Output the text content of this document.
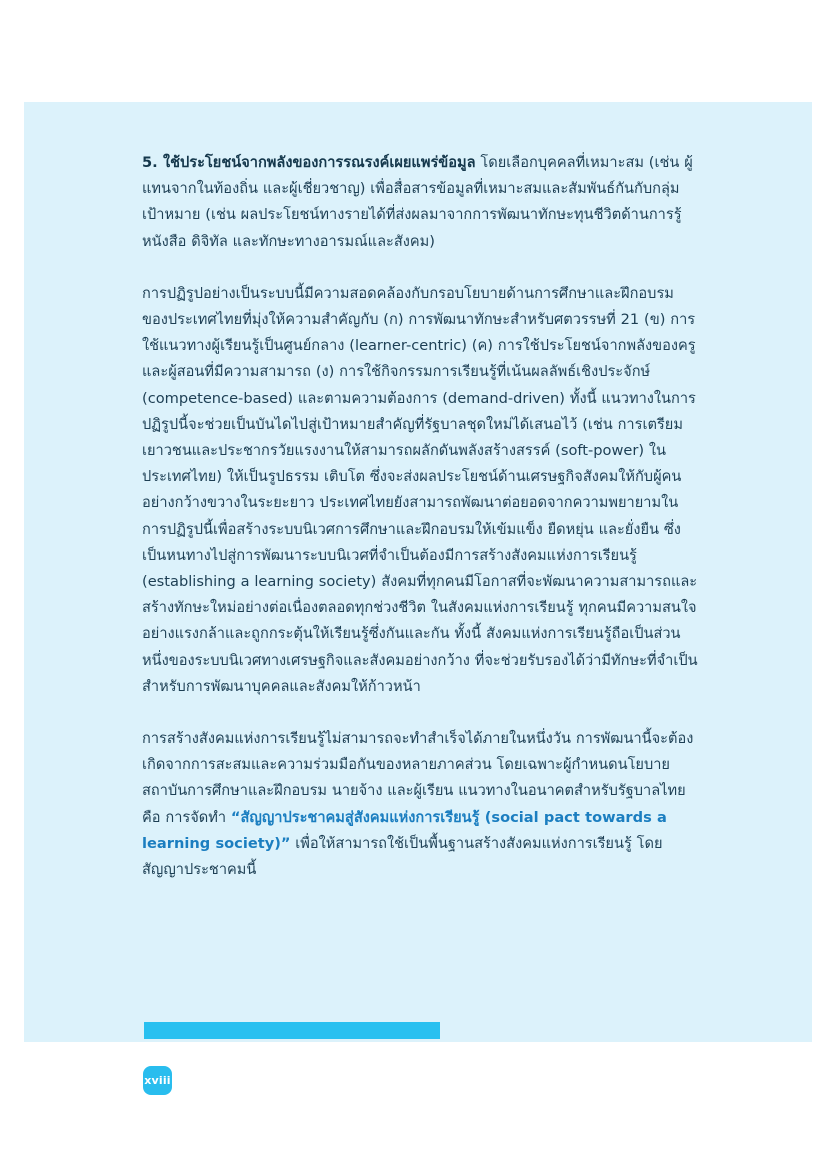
5. ใช้ประโยชน์จากพลังของการรณรงค์เผยแพร่ข้อมูล โดยเลือกบุคคลที่เหมาะสม (เช่น ผู้แทนจากในท้องถิ่น และผู้เชี่ยวชาญ) เพื่อสื่อสารข้อมูลที่เหมาะสมและสัมพันธ์กันกับกลุ่มเป้าหมาย (เช่น ผลประโยชน์ทางรายได้ที่ส่งผลมาจากการพัฒนาทักษะทุนชีวิตด้านการรู้หนังสือ ดิจิทัล และทักษะทางอารมณ์และสังคม)

การปฏิรูปอย่างเป็นระบบนี้มีความสอดคล้องกับกรอบโยบายด้านการศึกษาและฝึกอบรมของประเทศไทยที่มุ่งให้ความสำคัญกับ (ก) การพัฒนาทักษะสำหรับศตวรรษที่ 21 (ข) การใช้แนวทางผู้เรียนรู้เป็นศูนย์กลาง (learner-centric) (ค) การใช้ประโยชน์จากพลังของครูและผู้สอนที่มีความสามารถ (ง) การใช้กิจกรรมการเรียนรู้ที่เน้นผลลัพธ์เชิงประจักษ์ (competence-based) และตามความต้องการ (demand-driven) ทั้งนี้ แนวทางในการปฏิรูปนี้จะช่วยเป็นบันไดไปสู่เป้าหมายสำคัญที่รัฐบาลชุดใหม่ได้เสนอไว้ (เช่น การเตรียมเยาวชนและประชากรวัยแรงงานให้สามารถผลักดันพลังสร้างสรรค์ (soft-power) ในประเทศไทย) ให้เป็นรูปธรรม เติบโต ซึ่งจะส่งผลประโยชน์ด้านเศรษฐกิจสังคมให้กับผู้คนอย่างกว้างขวางในระยะยาว ประเทศไทยยังสามารถพัฒนาต่อยอดจากความพยายามในการปฏิรูปนี้เพื่อสร้างระบบนิเวศการศึกษาและฝึกอบรมให้เข้มแข็ง ยืดหยุ่น และยั่งยืน ซึ่งเป็นหนทางไปสู่การพัฒนาระบบนิเวศที่จำเป็นต้องมีการสร้างสังคมแห่งการเรียนรู้ (establishing a learning society) สังคมที่ทุกคนมีโอกาสที่จะพัฒนาความสามารถและสร้างทักษะใหม่อย่างต่อเนื่องตลอดทุกช่วงชีวิต ในสังคมแห่งการเรียนรู้ ทุกคนมีความสนใจอย่างแรงกล้าและถูกกระตุ้นให้เรียนรู้ซึ่งกันและกัน ทั้งนี้ สังคมแห่งการเรียนรู้ถือเป็นส่วนหนึ่งของระบบนิเวศทางเศรษฐกิจและสังคมอย่างกว้าง ที่จะช่วยรับรองได้ว่ามีทักษะที่จำเป็นสำหรับการพัฒนาบุคคลและสังคมให้ก้าวหน้า

การสร้างสังคมแห่งการเรียนรู้ไม่สามารถจะทำสำเร็จได้ภายในหนึ่งวัน การพัฒนานี้จะต้องเกิดจากการสะสมและความร่วมมือกันของหลายภาคส่วน โดยเฉพาะผู้กำหนดนโยบาย สถาบันการศึกษาและฝึกอบรม นายจ้าง และผู้เรียน แนวทางในอนาคตสำหรับรัฐบาลไทยคือ การจัดทำ “สัญญาประชาคมสู่สังคมแห่งการเรียนรู้ (social pact towards a learning society)” เพื่อให้สามารถใช้เป็นพื้นฐานสร้างสังคมแห่งการเรียนรู้ โดยสัญญาประชาคมนี้

xviii
